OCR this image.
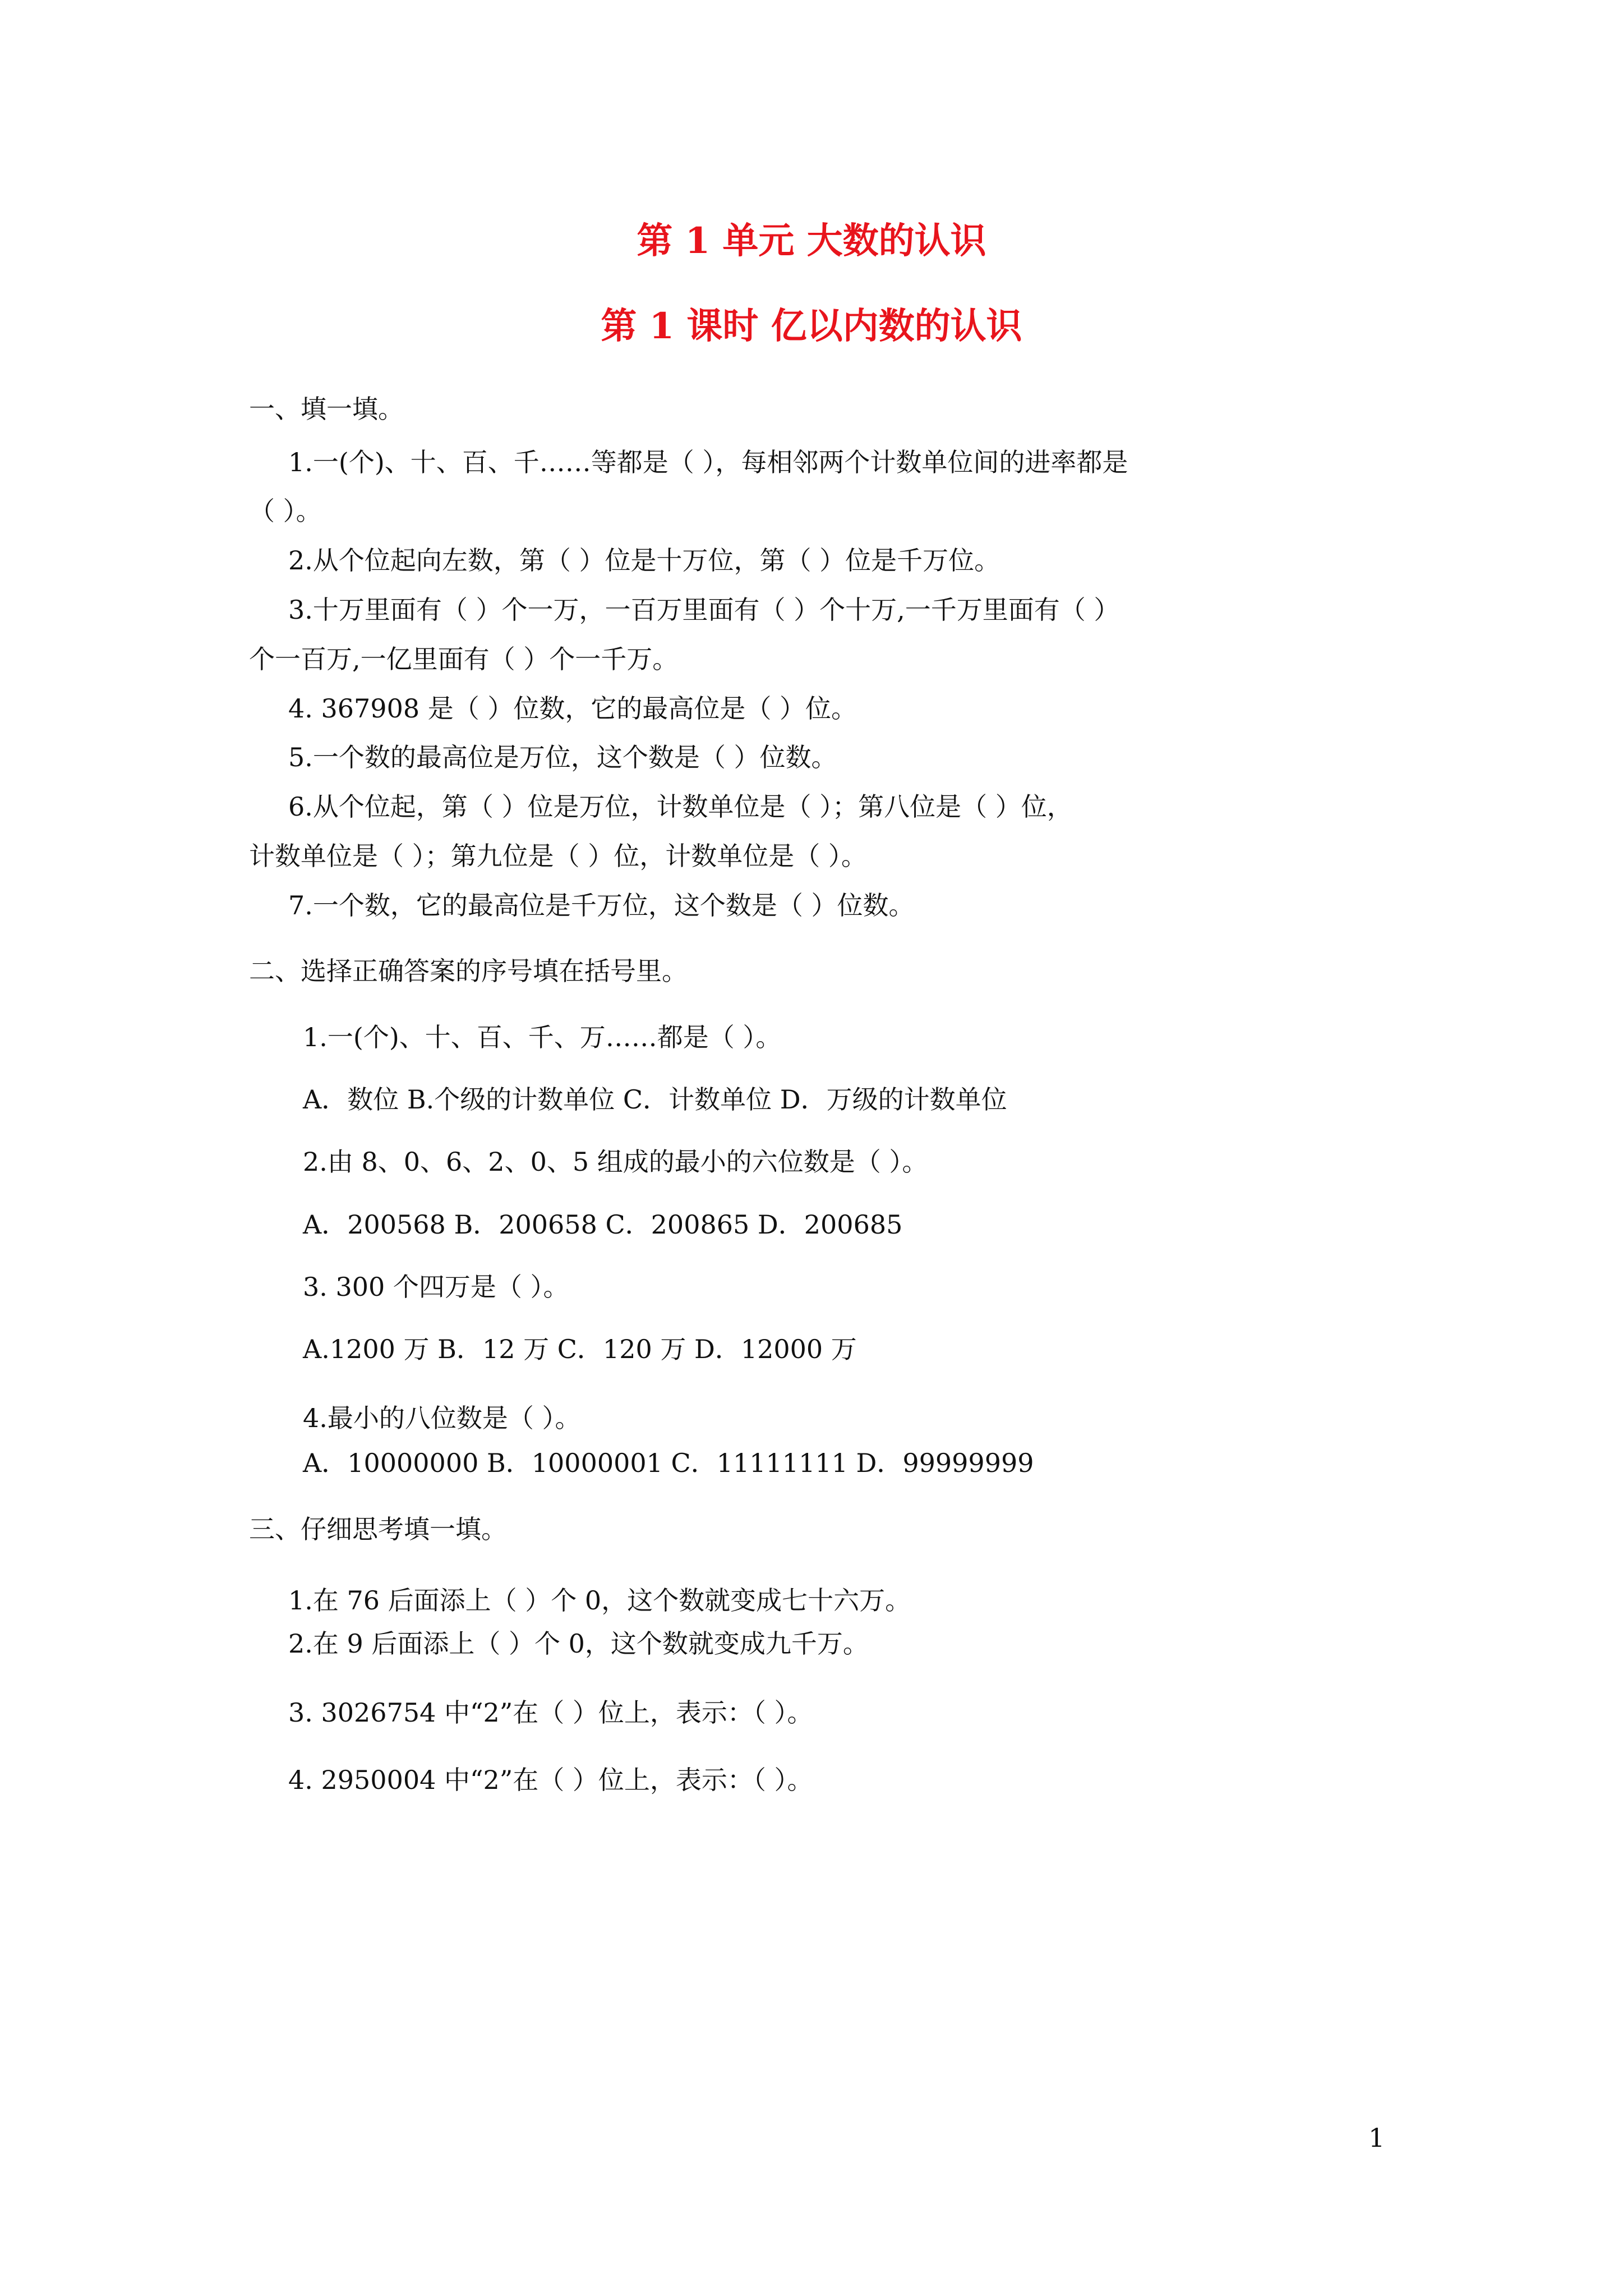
第 1 单元 大数的认识
第 1 课时 亿以内数的认识
一、填一填。
1.一(个)、十、百、千……等都是（ ），每相邻两个计数单位间的进率都是
（ ）。
2.从个位起向左数，第（ ）位是十万位，第（ ）位是千万位。
3.十万里面有（ ）个一万，一百万里面有（ ）个十万,一千万里面有（ ）
个一百万,一亿里面有（ ）个一千万。
4. 367908 是（ ）位数，它的最高位是（ ）位。
5.一个数的最高位是万位，这个数是（ ）位数。
6.从个位起，第（ ）位是万位，计数单位是（ ）；第八位是（ ）位，
计数单位是（ ）；第九位是（ ）位，计数单位是（ ）。
7.一个数，它的最高位是千万位，这个数是（ ）位数。
二、选择正确答案的序号填在括号里。
1.一(个)、十、百、千、万……都是（ ）。
A．数位 B.个级的计数单位 C．计数单位 D．万级的计数单位
2.由 8、0、6、2、0、5 组成的最小的六位数是（ ）。
A．200568 B．200658 C．200865 D．200685
3. 300 个四万是（ ）。
A.1200 万 B．12 万 C．120 万 D．12000 万
4.最小的八位数是（ ）。
A．10000000 B．10000001 C．11111111 D．99999999
三、仔细思考填一填。
1.在 76 后面添上（ ）个 0，这个数就变成七十六万。
2.在 9 后面添上（ ）个 0，这个数就变成九千万。
3. 3026754 中“2”在（ ）位上，表示：（ ）。
4. 2950004 中“2”在（ ）位上，表示：（ ）。
1
